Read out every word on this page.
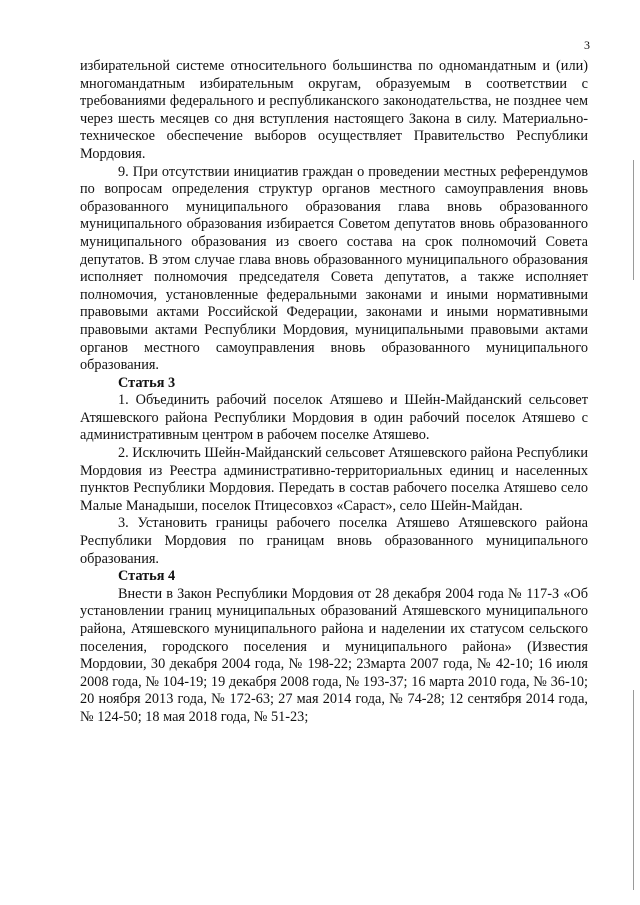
3

избирательной системе относительного большинства по одномандатным и (или) многомандатным избирательным округам, образуемым в соответствии с требованиями федерального и республиканского законодательства, не позднее чем через шесть месяцев со дня вступления настоящего Закона в силу. Материально-техническое обеспечение выборов осуществляет Правительство Республики Мордовия.

9. При отсутствии инициатив граждан о проведении местных референдумов по вопросам определения структур органов местного самоуправления вновь образованного муниципального образования глава вновь образованного муниципального образования избирается Советом депутатов вновь образованного муниципального образования из своего состава на срок полномочий Совета депутатов. В этом случае глава вновь образованного муниципального образования исполняет полномочия председателя Совета депутатов, а также исполняет полномочия, установленные федеральными законами и иными нормативными правовыми актами Российской Федерации, законами и иными нормативными правовыми актами Республики Мордовия, муниципальными правовыми актами органов местного самоуправления вновь образованного муниципального образования.

Статья 3

1. Объединить рабочий поселок Атяшево и Шейн-Майданский сельсовет Атяшевского района Республики Мордовия в один рабочий поселок Атяшево с административным центром в рабочем поселке Атяшево.

2. Исключить Шейн-Майданский сельсовет Атяшевского района Республики Мордовия из Реестра административно-территориальных единиц и населенных пунктов Республики Мордовия. Передать в состав рабочего поселка Атяшево село Малые Манадыши, поселок Птицесовхоз «Сараст», село Шейн-Майдан.

3. Установить границы рабочего поселка Атяшево Атяшевского района Республики Мордовия по границам вновь образованного муниципального образования.

Статья 4

Внести в Закон Республики Мордовия от 28 декабря 2004 года № 117-З «Об установлении границ муниципальных образований Атяшевского муниципального района, Атяшевского муниципального района и наделении их статусом сельского поселения, городского поселения и муниципального района» (Известия Мордовии, 30 декабря 2004 года, № 198-22; 23марта 2007 года, № 42-10; 16 июля 2008 года, № 104-19; 19 декабря 2008 года, № 193-37; 16 марта 2010 года, № 36-10; 20 ноября 2013 года, № 172-63; 27 мая 2014 года, № 74-28; 12 сентября 2014 года, № 124-50; 18 мая 2018 года, № 51-23;
